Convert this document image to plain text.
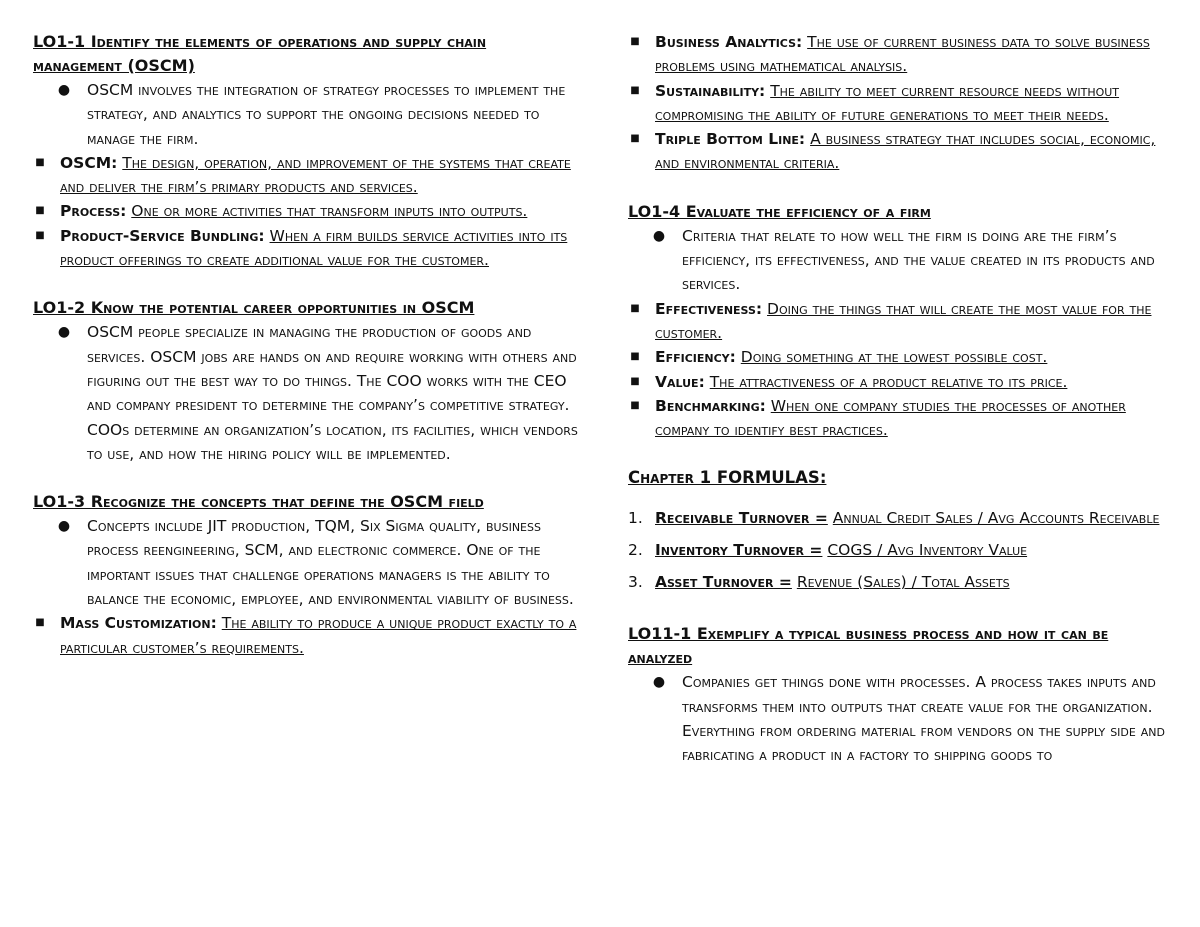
LO1-1 Identify the elements of operations and supply chain management (OSCM)

● OSCM involves the integration of strategy processes to implement the strategy, and analytics to support the ongoing decisions needed to manage the firm.
■ OSCM: The design, operation, and improvement of the systems that create and deliver the firm’s primary products and services.
■ Process: One or more activities that transform inputs into outputs.
■ Product-Service Bundling: When a firm builds service activities into its product offerings to create additional value for the customer.

LO1-2 Know the potential career opportunities in OSCM

● OSCM people specialize in managing the production of goods and services. OSCM jobs are hands on and require working with others and figuring out the best way to do things. The COO works with the CEO and company president to determine the company’s competitive strategy. COOs determine an organization’s location, its facilities, which vendors to use, and how the hiring policy will be implemented.

LO1-3 Recognize the concepts that define the OSCM field

● Concepts include JIT production, TQM, Six Sigma quality, business process reengineering, SCM, and electronic commerce. One of the important issues that challenge operations managers is the ability to balance the economic, employee, and environmental viability of business.
■ Mass Customization: The ability to produce a unique product exactly to a particular customer’s requirements.
■ Business Analytics: The use of current business data to solve business problems using mathematical analysis.
■ Sustainability: The ability to meet current resource needs without compromising the ability of future generations to meet their needs.
■ Triple Bottom Line: A business strategy that includes social, economic, and environmental criteria.

LO1-4 Evaluate the efficiency of a firm

● Criteria that relate to how well the firm is doing are the firm’s efficiency, its effectiveness, and the value created in its products and services.
■ Effectiveness: Doing the things that will create the most value for the customer.
■ Efficiency: Doing something at the lowest possible cost.
■ Value: The attractiveness of a product relative to its price.
■ Benchmarking: When one company studies the processes of another company to identify best practices.

Chapter 1 FORMULAS:

1. Receivable Turnover = Annual Credit Sales / Avg Accounts Receivable
2. Inventory Turnover = COGS / Avg Inventory Value
3. Asset Turnover = Revenue (Sales) / Total Assets

LO11-1 Exemplify a typical business process and how it can be analyzed

● Companies get things done with processes. A process takes inputs and transforms them into outputs that create value for the organization. Everything from ordering material from vendors on the supply side and fabricating a product in a factory to shipping goods to
